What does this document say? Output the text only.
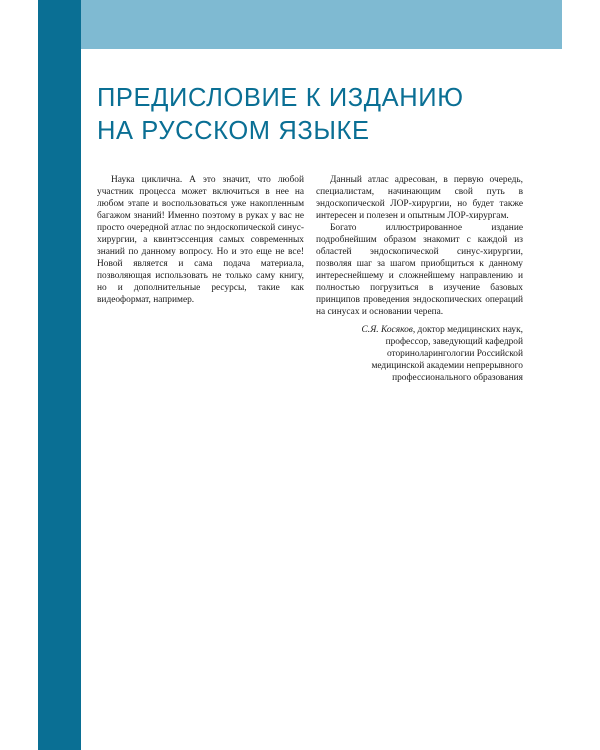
ПРЕДИСЛОВИЕ К ИЗДАНИЮ
НА РУССКОМ ЯЗЫКЕ

Наука циклична. А это значит, что любой участник процесса может включиться в нее на любом этапе и воспользоваться уже накопленным багажом знаний! Именно поэтому в руках у вас не просто очередной атлас по эндоскопической синус-хирургии, а квинтэссенция самых современных знаний по данному вопросу. Но и это еще не все! Новой является и сама подача материала, позволяющая использовать не только саму книгу, но и дополнительные ресурсы, такие как видеоформат, например.

Данный атлас адресован, в первую очередь, специалистам, начинающим свой путь в эндоскопической ЛОР-хирургии, но будет также интересен и полезен и опытным ЛОР-хирургам.

Богато иллюстрированное издание подробнейшим образом знакомит с каждой из областей эндоскопической синус-хирургии, позволяя шаг за шагом приобщиться к данному интереснейшему и сложнейшему направлению и полностью погрузиться в изучение базовых принципов проведения эндоскопических операций на синусах и основании черепа.

С.Я. Косяков, доктор медицинских наук,
профессор, заведующий кафедрой
оториноларингологии Российской
медицинской академии непрерывного
профессионального образования
